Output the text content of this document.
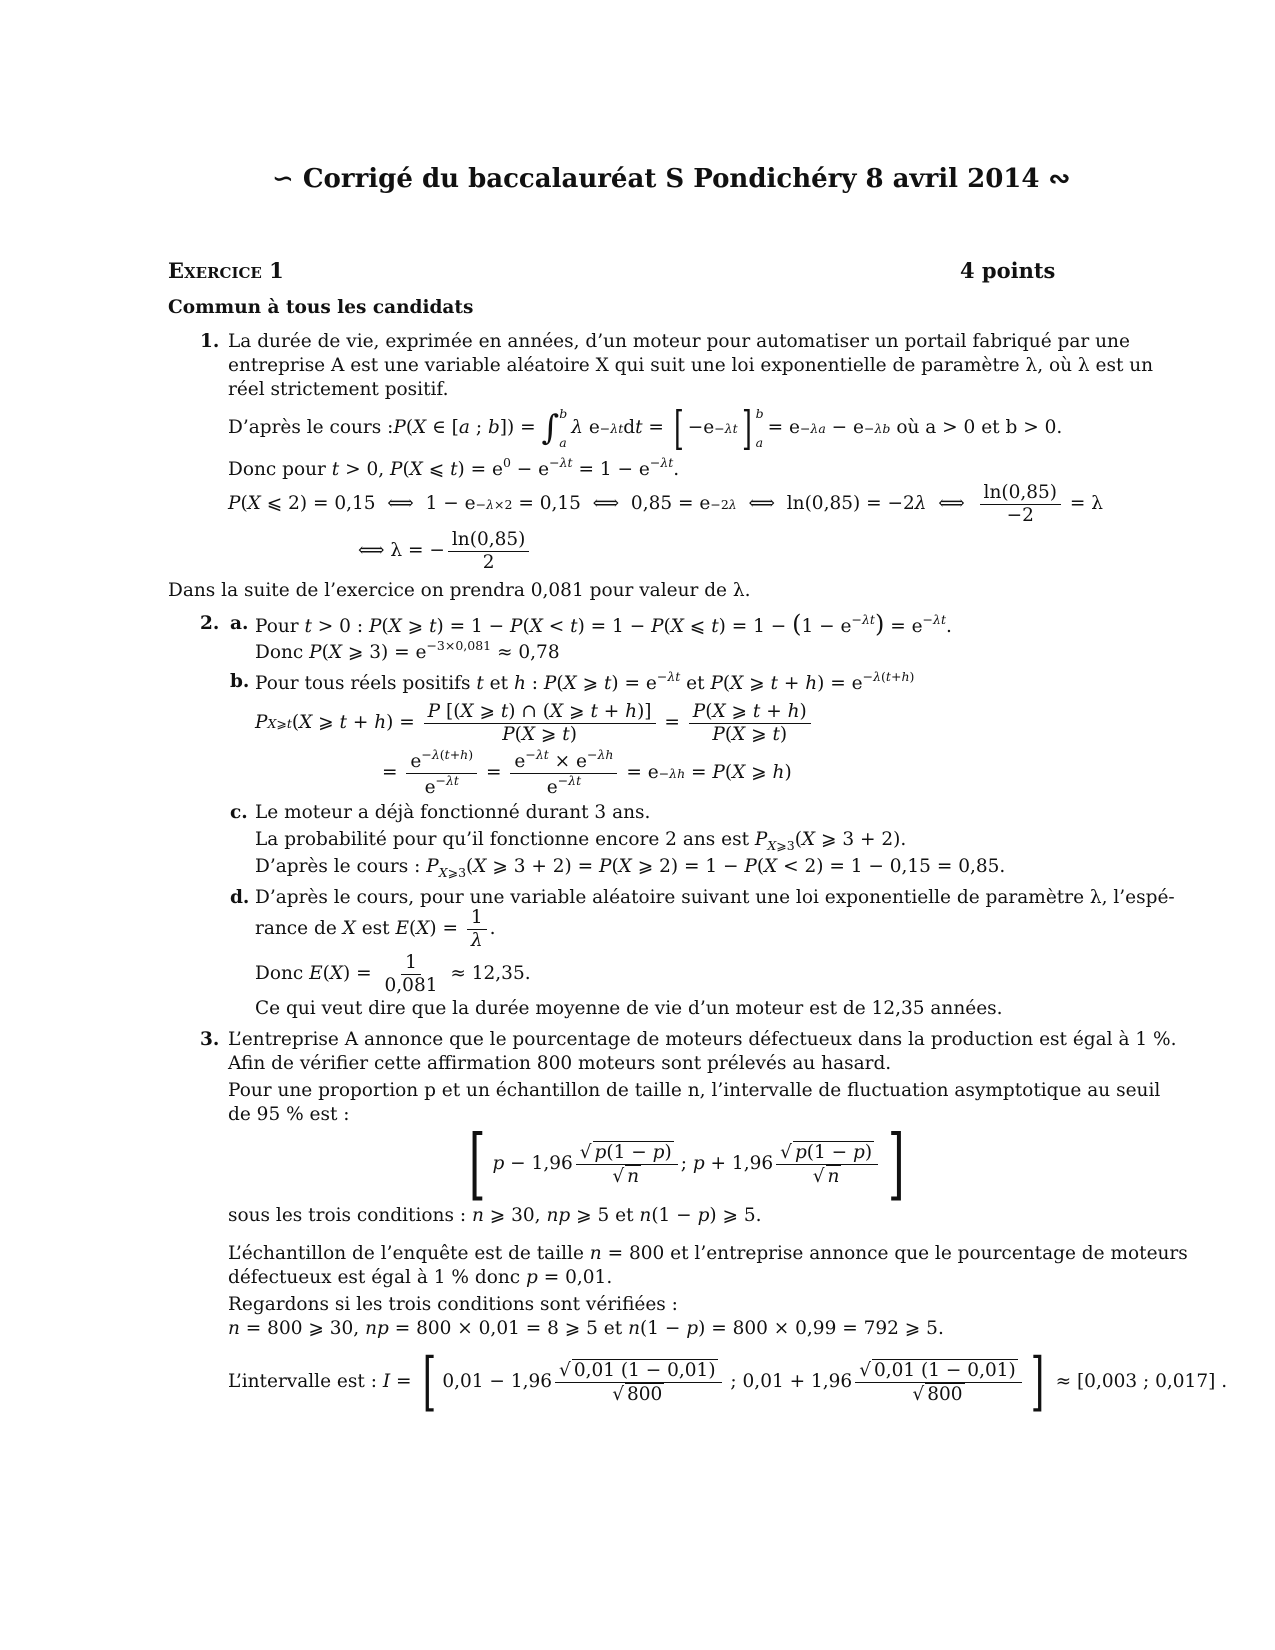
∽ Corrigé du baccalauréat S Pondichéry 8 avril 2014 ∾
Exercice 1	4 points
Commun à tous les candidats
1. La durée de vie, exprimée en années, d’un moteur pour automatiser un portail fabriqué par une
entreprise A est une variable aléatoire X qui suit une loi exponentielle de paramètre λ, où λ est un
réel strictement positif.
D’après le cours : P ( X ∈ [ a ; b ]) = ∫ b
a
λ e −λt d t = [ −e −λt ] b
a
= e −λa − e −λb
où a > 0 et b > 0.
Donc pour t > 0, P(X ⩽ $t) = e^0 - e^{-\lambda t} = 1 - e^{-\lambda t}$.
P ( X ⩽ 2) = 0,15  ⟺  1 − e −λ×2 = 0,15  ⟺  0,85 = e −2λ ⟺  ln(0,85) = −2 λ ⟺ $\frac{\ln(0,85)}{-2}$
= λ
⟺ λ = − $\frac{\ln(0,85)}{2}$
Dans la suite de l’exercice on prendra 0,081 pour valeur de λ.
2. a. Pour t > 0 : P(X ⩾ t) = 1 − P(X < t) = 1 − P(X ⩽ $t) = 1 - (1 - e^{-\lambda t}) = e^{-\lambda t}$.
Donc P(X ⩾ $3) = e^{-3\times 0,081} \approx 0,78$
b. Pour tous réels positifs t et h : P(X ⩾ $t) = e^{-\lambda t}$ et P(X ⩾ $t + h) = e^{-\lambda(t+h)}$
P X⩾t ( X ⩾ t + h ) = $\frac{P [(X ⩾ t) \cap (X ⩾ t + h)]}{P(X ⩾ t)} = \frac{P(X ⩾ t + h)}{P(X ⩾ t)}$
= $\frac{e^{-\lambda(t+h)}}{e^{-\lambda t}} = \frac{e^{-\lambda t} \times e^{-\lambda h}}{e^{-\lambda t}} = e -\lambda h = P$ ( X ⩾ h )
c. Le moteur a déjà fonctionné durant 3 ans.
La probabilité pour qu’il fonctionne encore 2 ans est $P_{X⩾3}(X$ ⩾ 3 + 2).
D’après le cours : $P_{X⩾3}(X$ ⩾ 3 + 2) = P(X ⩾ 2) = 1 − P(X < 2) = 1 − 0,15 = 0,85.
d. D’après le cours, pour une variable aléatoire suivant une loi exponentielle de paramètre λ, l’espé-
rance de X est E ( X ) = $\frac{1}{\lambda}$ .
Donc E ( X ) = $\frac{1}{0,081} \approx 12,35$.
Ce qui veut dire que la durée moyenne de vie d’un moteur est de 12,35 années.
3. L’entreprise A annonce que le pourcentage de moteurs défectueux dans la production est égal à 1 %.
Afin de vérifier cette affirmation 800 moteurs sont prélevés au hasard.
Pour une proportion p et un échantillon de taille n, l’intervalle de fluctuation asymptotique au seuil
de 95 % est :
[ $p - 1,96 \frac{√ p(1 - p)}{√ n}$ ; $p + 1,96 \frac{√ p(1 - p)}{√ n}$ ]
sous les trois conditions : n ⩾ 30, np ⩾ 5 et n(1 − p) ⩾ 5.
L’échantillon de l’enquête est de taille n = 800 et l’entreprise annonce que le pourcentage de moteurs
défectueux est égal à 1 % donc p = 0,01.
Regardons si les trois conditions sont vérifiées :
n = 800 ⩾ 30, np = 800 × 0,01 = 8 ⩾ 5 et n(1 − p) = 800 × 0,99 = 792 ⩾ 5.
L’intervalle est : I = [ $0,01 - 1,96 \frac{√ 0,01 (1 - 0,01)}{√ 800}$ ; $0,01 + 1,96 \frac{√ 0,01 (1 - 0,01)}{√ 800}$ ]
≈ [0,003 ; 0,017] .
